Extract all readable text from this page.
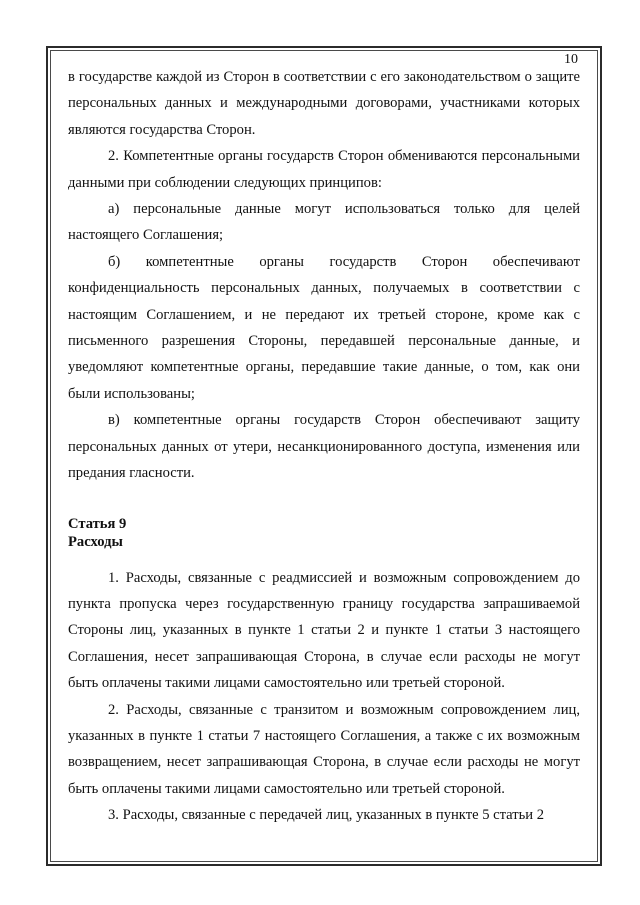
10

в государстве каждой из Сторон в соответствии с его законодательством о защите персональных данных и международными договорами, участниками которых являются государства Сторон.

2. Компетентные органы государств Сторон обмениваются персональными данными при соблюдении следующих принципов:

а) персональные данные могут использоваться только для целей настоящего Соглашения;

б) компетентные органы государств Сторон обеспечивают конфиденциальность персональных данных, получаемых в соответствии с настоящим Соглашением, и не передают их третьей стороне, кроме как с письменного разрешения Стороны, передавшей персональные данные, и уведомляют компетентные органы, передавшие такие данные, о том, как они были использованы;

в) компетентные органы государств Сторон обеспечивают защиту персональных данных от утери, несанкционированного доступа, изменения или предания гласности.

Статья 9

Расходы

1. Расходы, связанные с реадмиссией и возможным сопровождением до пункта пропуска через государственную границу государства запрашиваемой Стороны лиц, указанных в пункте 1 статьи 2 и пункте 1 статьи 3 настоящего Соглашения, несет запрашивающая Сторона, в случае если расходы не могут быть оплачены такими лицами самостоятельно или третьей стороной.

2. Расходы, связанные с транзитом и возможным сопровождением лиц, указанных в пункте 1 статьи 7 настоящего Соглашения, а также с их возможным возвращением, несет запрашивающая Сторона, в случае если расходы не могут быть оплачены такими лицами самостоятельно или третьей стороной.

3. Расходы, связанные с передачей лиц, указанных в пункте 5 статьи 2
